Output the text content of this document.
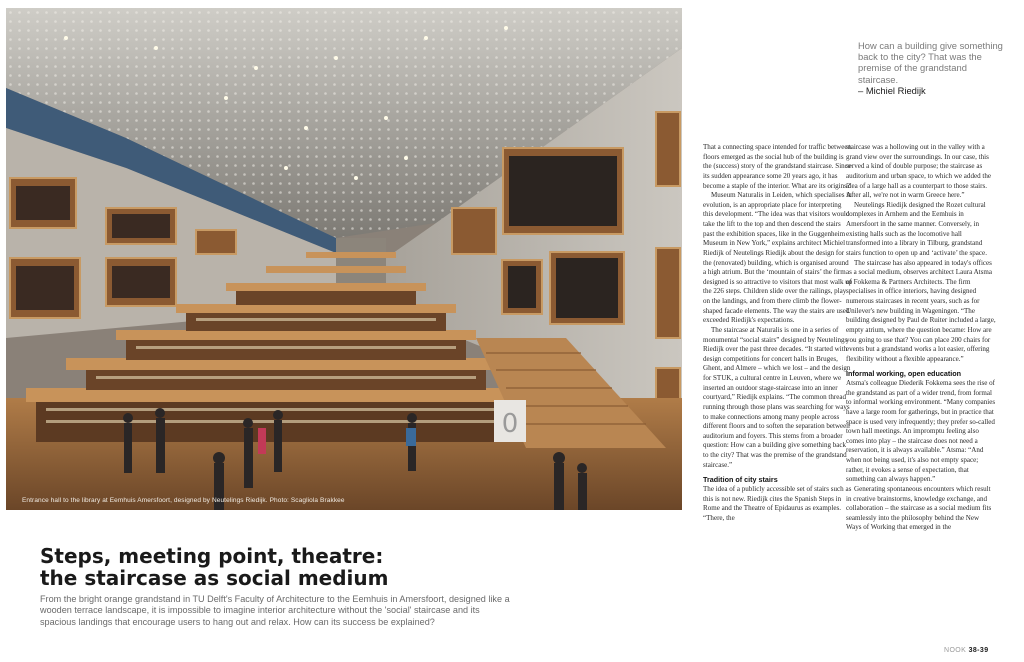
0
Entrance hall to the library at Eemhuis Amersfoort, designed by Neutelings Riedijk. Photo: Scagliola Brakkee
Steps, meeting point, theatre:
the staircase as social medium

From the bright orange grandstand in TU Delft's Faculty of Architecture to the Eemhuis in Amersfoort, designed like a wooden terrace landscape, it is impossible to imagine interior architecture without the 'social' staircase and its spacious landings that encourage users to hang out and relax. How can its success be explained?

How can a building give something back to the city? That was the premise of the grandstand staircase.
– Michiel Riedijk

That a connecting space intended for traffic between floors emerged as the social hub of the building is the (success) story of the grandstand staircase. Since its sudden appearance some 20 years ago, it has become a staple of the interior. What are its origins?

Museum Naturalis in Leiden, which specialises in evolution, is an appropriate place for interpreting this development. “The idea was that visitors would take the lift to the top and then descend the stairs past the exhibition spaces, like in the Guggenheim Museum in New York,” explains architect Michiel Riedijk of Neutelings Riedijk about the design for the (renovated) building, which is organised around a high atrium. But the ‘mountain of stairs’ the firm designed is so attractive to visitors that most walk up the 226 steps. Children slide over the railings, play on the landings, and from there climb the flower-shaped facade elements. The way the stairs are used exceeded Riedijk's expectations.

The staircase at Naturalis is one in a series of monumental “social stairs” designed by Neutelings Riedijk over the past three decades. “It started with design competitions for concert halls in Bruges, Ghent, and Almere – which we lost – and the design for STUK, a cultural centre in Leuven, where we inserted an outdoor stage-staircase into an inner courtyard,” Riedijk explains. “The common thread running through those plans was searching for ways to make connections among many people across different floors and to soften the separation between auditorium and foyers. This stems from a broader question: How can a building give something back to the city? That was the premise of the grandstand staircase.”

Tradition of city stairs

The idea of a publicly accessible set of stairs such as this is not new. Riedijk cites the Spanish Steps in Rome and the Theatre of Epidaurus as examples. “There, the

staircase was a hollowing out in the valley with a grand view over the surroundings. In our case, this served a kind of double purpose; the staircase as auditorium and urban space, to which we added the idea of a large hall as a counterpart to those stairs. After all, we're not in warm Greece here.”

Neutelings Riedijk designed the Rozet cultural complexes in Arnhem and the Eemhuis in Amersfoort in the same manner. Conversely, in existing halls such as the locomotive hall transformed into a library in Tilburg, grandstand stairs function to open up and ‘activate’ the space.

The staircase has also appeared in today's offices as a social medium, observes architect Laura Atsma of Fokkema & Partners Architects. The firm specialises in office interiors, having designed numerous staircases in recent years, such as for Unilever's new building in Wageningen. “The building designed by Paul de Ruiter included a large, empty atrium, where the question became: How are you going to use that? You can place 200 chairs for events but a grandstand works a lot easier, offering flexibility without a flexible appearance.”

Informal working, open education

Atsma's colleague Diederik Fokkema sees the rise of the grandstand as part of a wider trend, from formal to informal working environment. “Many companies have a large room for gatherings, but in practice that space is used very infrequently; they prefer so-called town hall meetings. An impromptu feeling also comes into play – the staircase does not need a reservation, it is always available.” Atsma: “And when not being used, it's also not empty space; rather, it evokes a sense of expectation, that something can always happen.”

Generating spontaneous encounters which result in creative brainstorms, knowledge exchange, and collaboration – the staircase as a social medium fits seamlessly into the philosophy behind the New Ways of Working that emerged in the

NOOK 38-39
